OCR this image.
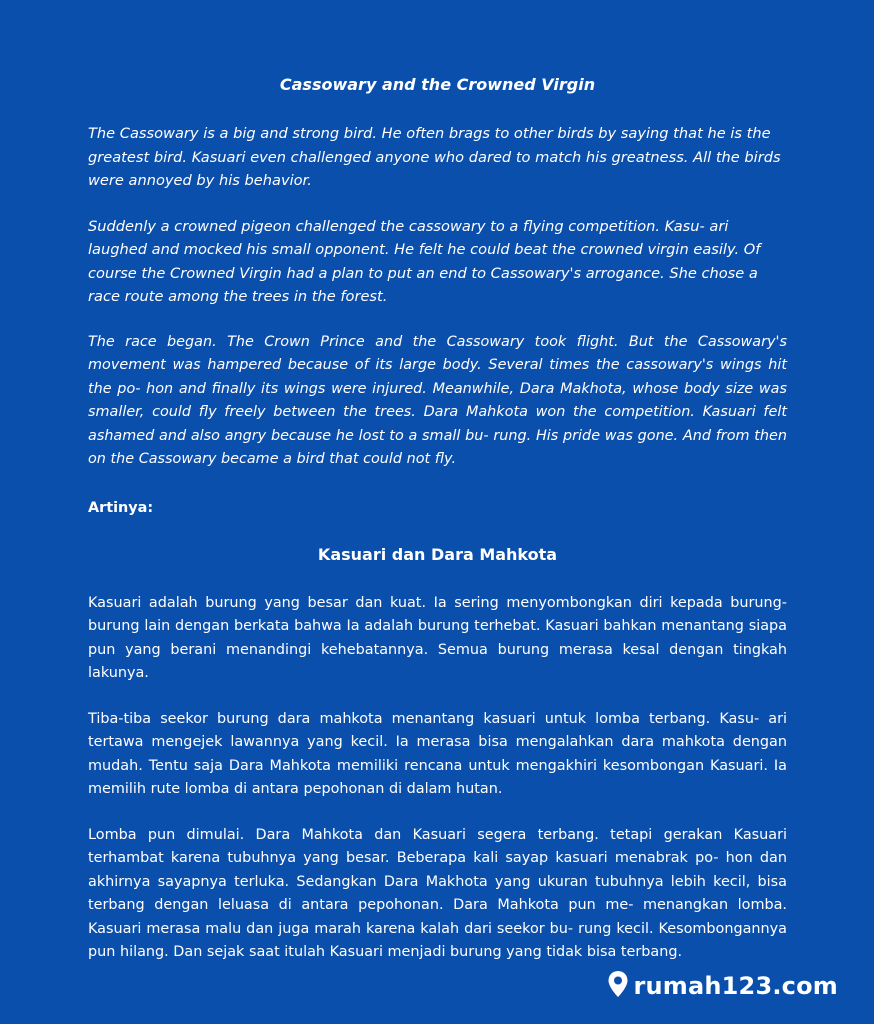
Cassowary and the Crowned Virgin

The Cassowary is a big and strong bird. He often brags to other birds by saying that he is the greatest bird. Kasuari even challenged anyone who dared to match his greatness. All the birds were annoyed by his behavior.

Suddenly a crowned pigeon challenged the cassowary to a flying competition. Kasu- ari laughed and mocked his small opponent. He felt he could beat the crowned virgin easily. Of course the Crowned Virgin had a plan to put an end to Cassowary's arrogance. She chose a race route among the trees in the forest.

The race began. The Crown Prince and the Cassowary took flight. But the Cassowary's movement was hampered because of its large body. Several times the cassowary's wings hit the po- hon and finally its wings were injured. Meanwhile, Dara Makhota, whose body size was smaller, could fly freely between the trees. Dara Mahkota won the competition. Kasuari felt ashamed and also angry because he lost to a small bu- rung. His pride was gone. And from then on the Cassowary became a bird that could not fly.

Artinya:
Kasuari dan Dara Mahkota

Kasuari adalah burung yang besar dan kuat. Ia sering menyombongkan diri kepada burung-burung lain dengan berkata bahwa Ia adalah burung terhebat. Kasuari bahkan menantang siapa pun yang berani menandingi kehebatannya. Semua burung merasa kesal dengan tingkah lakunya.

Tiba-tiba seekor burung dara mahkota menantang kasuari untuk lomba terbang. Kasu- ari tertawa mengejek lawannya yang kecil. Ia merasa bisa mengalahkan dara mahkota dengan mudah. Tentu saja Dara Mahkota memiliki rencana untuk mengakhiri kesombongan Kasuari. Ia memilih rute lomba di antara pepohonan di dalam hutan.

Lomba pun dimulai. Dara Mahkota dan Kasuari segera terbang. tetapi gerakan Kasuari terhambat karena tubuhnya yang besar. Beberapa kali sayap kasuari menabrak po- hon dan akhirnya sayapnya terluka. Sedangkan Dara Makhota yang ukuran tubuhnya lebih kecil, bisa terbang dengan leluasa di antara pepohonan. Dara Mahkota pun me- menangkan lomba. Kasuari merasa malu dan juga marah karena kalah dari seekor bu- rung kecil. Kesombongannya pun hilang. Dan sejak saat itulah Kasuari menjadi burung yang tidak bisa terbang.

rumah123.com
